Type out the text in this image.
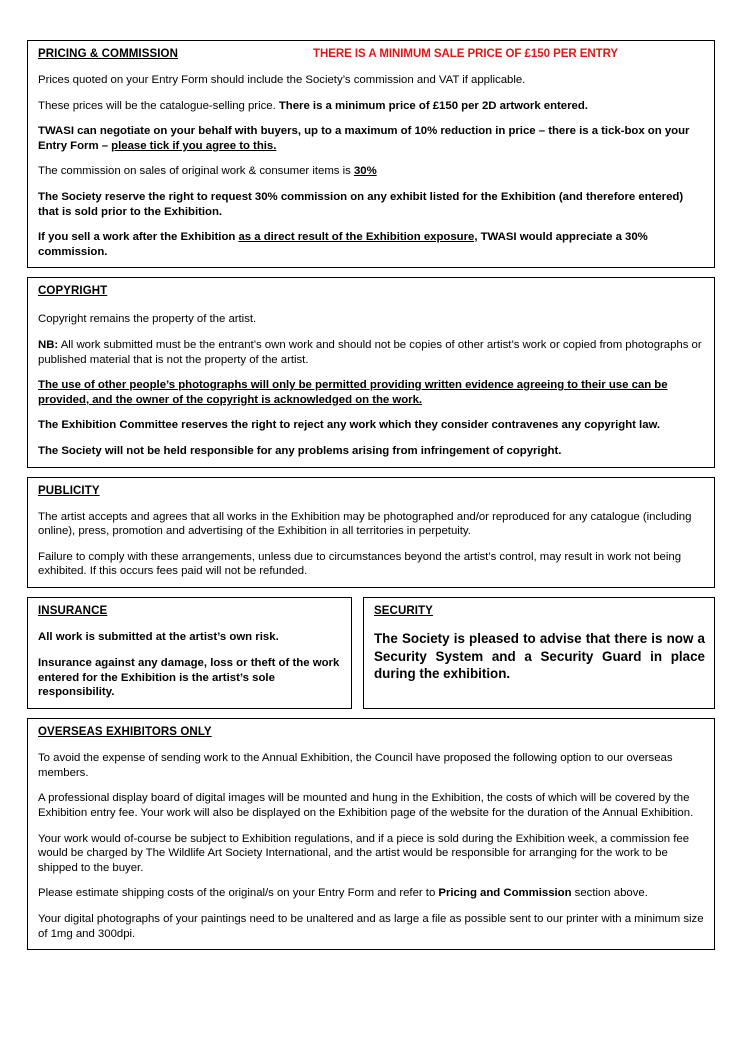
PRICING & COMMISSION	THERE IS A MINIMUM SALE PRICE OF £150 PER ENTRY

Prices quoted on your Entry Form should include the Society’s commission and VAT if applicable.

These prices will be the catalogue-selling price. There is a minimum price of £150 per 2D artwork entered.

TWASI can negotiate on your behalf with buyers, up to a maximum of 10% reduction in price – there is a tick-box on your Entry Form – please tick if you agree to this.

The commission on sales of original work & consumer items is 30%

The Society reserve the right to request 30% commission on any exhibit listed for the Exhibition (and therefore entered) that is sold prior to the Exhibition.

If you sell a work after the Exhibition as a direct result of the Exhibition exposure, TWASI would appreciate a 30% commission.

COPYRIGHT

Copyright remains the property of the artist.

NB: All work submitted must be the entrant’s own work and should not be copies of other artist’s work or copied from photographs or published material that is not the property of the artist.

The use of other people’s photographs will only be permitted providing written evidence agreeing to their use can be provided, and the owner of the copyright is acknowledged on the work.

The Exhibition Committee reserves the right to reject any work which they consider contravenes any copyright law.

The Society will not be held responsible for any problems arising from infringement of copyright.

PUBLICITY

The artist accepts and agrees that all works in the Exhibition may be photographed and/or reproduced for any catalogue (including online), press, promotion and advertising of the Exhibition in all territories in perpetuity.

Failure to comply with these arrangements, unless due to circumstances beyond the artist’s control, may result in work not being exhibited. If this occurs fees paid will not be refunded.

INSURANCE

All work is submitted at the artist’s own risk.

Insurance against any damage, loss or theft of the work entered for the Exhibition is the artist’s sole responsibility.

SECURITY

The Society is pleased to advise that there is now a Security System and a Security Guard in place during the exhibition.

OVERSEAS EXHIBITORS ONLY

To avoid the expense of sending work to the Annual Exhibition, the Council have proposed the following option to our overseas members.

A professional display board of digital images will be mounted and hung in the Exhibition, the costs of which will be covered by the Exhibition entry fee. Your work will also be displayed on the Exhibition page of the website for the duration of the Annual Exhibition.

Your work would of-course be subject to Exhibition regulations, and if a piece is sold during the Exhibition week, a commission fee would be charged by The Wildlife Art Society International, and the artist would be responsible for arranging for the work to be shipped to the buyer.

Please estimate shipping costs of the original/s on your Entry Form and refer to Pricing and Commission section above.

Your digital photographs of your paintings need to be unaltered and as large a file as possible sent to our printer with a minimum size of 1mg and 300dpi.
